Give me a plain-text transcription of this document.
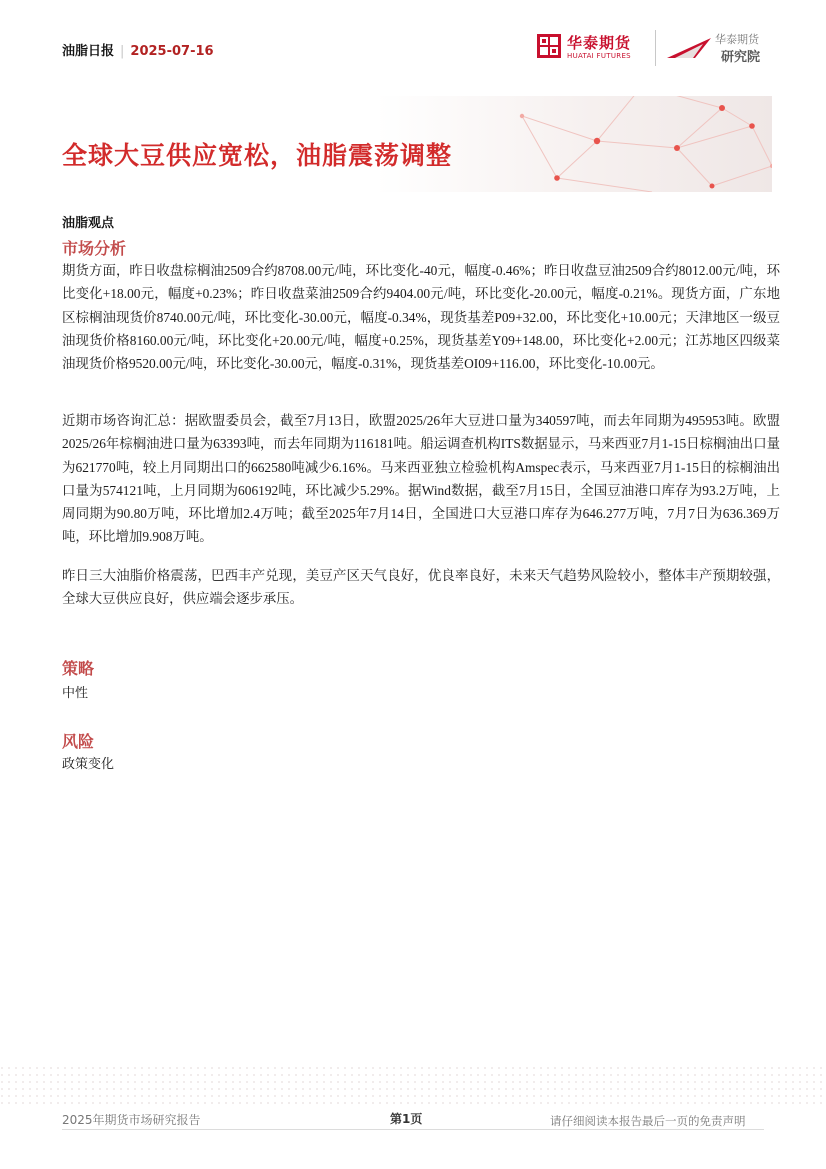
油脂日报 | 2025-07-16	华泰期货
HUATAI FUTURES
华泰期货
研究院
全球大豆供应宽松，油脂震荡调整
油脂观点
市场分析
期货方面，昨日收盘棕榈油2509合约8708.00元/吨，环比变化-40元，幅度-0.46%；昨日收盘豆油2509合约8012.00元/吨，环比变化+18.00元，幅度+0.23%；昨日收盘菜油2509合约9404.00元/吨，环比变化-20.00元，幅度-0.21%。现货方面，广东地区棕榈油现货价8740.00元/吨，环比变化-30.00元，幅度-0.34%，现货基差P09+32.00，环比变化+10.00元；天津地区一级豆油现货价格8160.00元/吨，环比变化+20.00元/吨，幅度+0.25%，现货基差Y09+148.00，环比变化+2.00元；江苏地区四级菜油现货价格9520.00元/吨，环比变化-30.00元，幅度-0.31%，现货基差OI09+116.00，环比变化-10.00元。
近期市场咨询汇总：据欧盟委员会，截至7月13日，欧盟2025/26年大豆进口量为340597吨，而去年同期为495953吨。欧盟2025/26年棕榈油进口量为63393吨，而去年同期为116181吨。船运调查机构ITS数据显示，马来西亚7月1-15日棕榈油出口量为621770吨，较上月同期出口的662580吨减少6.16%。马来西亚独立检验机构Amspec表示，马来西亚7月1-15日的棕榈油出口量为574121吨，上月同期为606192吨，环比减少5.29%。据Wind数据，截至7月15日，全国豆油港口库存为93.2万吨，上周同期为90.80万吨，环比增加2.4万吨；截至2025年7月14日，全国进口大豆港口库存为646.277万吨，7月7日为636.369万吨，环比增加9.908万吨。
昨日三大油脂价格震荡，巴西丰产兑现，美豆产区天气良好，优良率良好，未来天气趋势风险较小，整体丰产预期较强，全球大豆供应良好，供应端会逐步承压。
策略
中性
风险
政策变化
2025年期货市场研究报告	第1页	请仔细阅读本报告最后一页的免责声明
